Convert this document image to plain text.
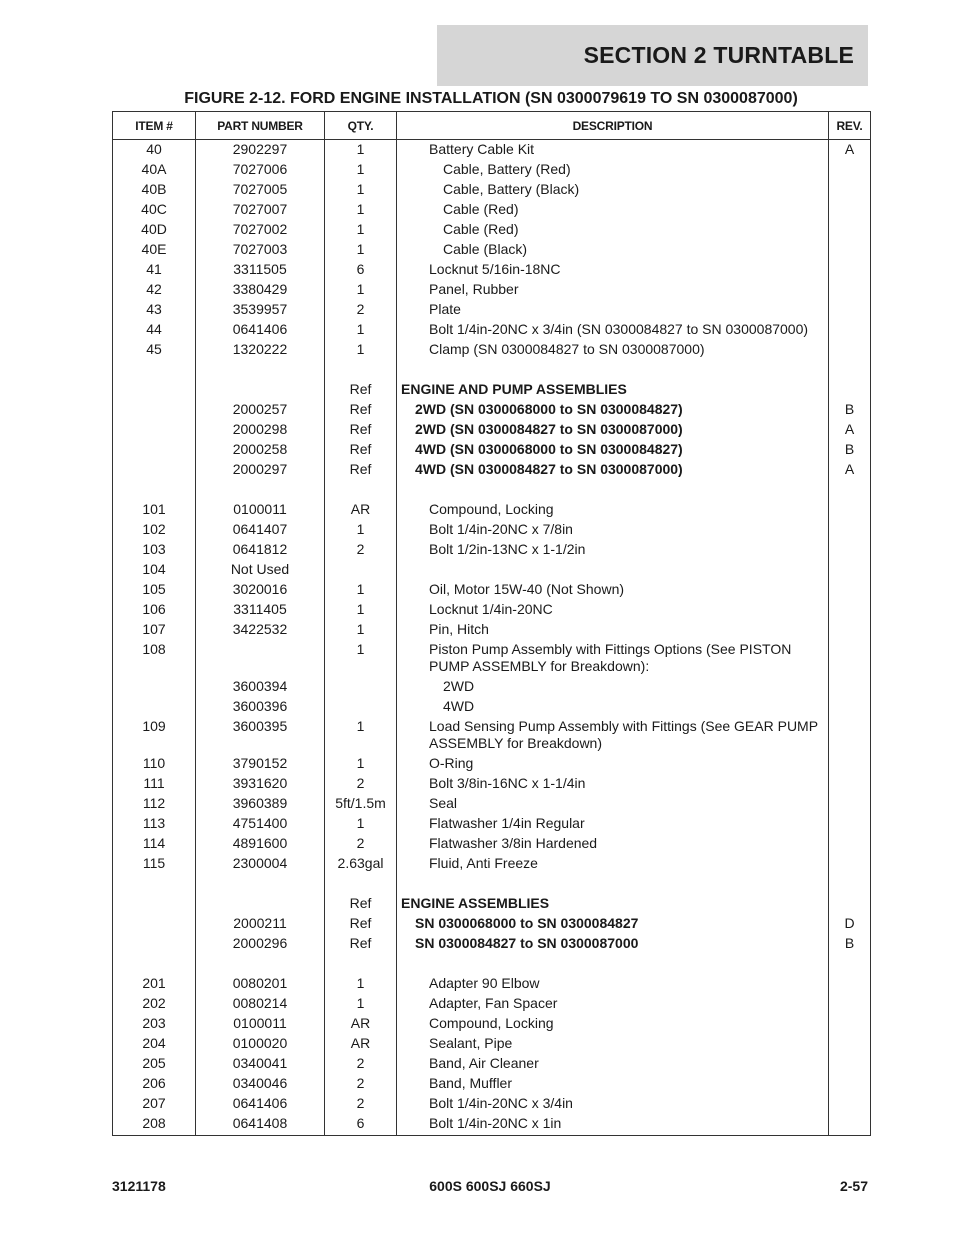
SECTION 2 TURNTABLE
FIGURE 2-12. FORD ENGINE INSTALLATION (SN 0300079619 TO SN 0300087000)
ITEM #	PART NUMBER	QTY.	DESCRIPTION	REV.
40	2902297	1	Battery Cable Kit	A
40A	7027006	1	Cable, Battery (Red)	
40B	7027005	1	Cable, Battery (Black)	
40C	7027007	1	Cable (Red)	
40D	7027002	1	Cable (Red)	
40E	7027003	1	Cable (Black)	
41	3311505	6	Locknut 5/16in-18NC	
42	3380429	1	Panel, Rubber	
43	3539957	2	Plate	
44	0641406	1	Bolt 1/4in-20NC x 3/4in (SN 0300084827 to SN 0300087000)	
45	1320222	1	Clamp (SN 0300084827 to SN 0300087000)	

		Ref	ENGINE AND PUMP ASSEMBLIES	
	2000257	Ref	2WD (SN 0300068000 to SN 0300084827)	B
	2000298	Ref	2WD (SN 0300084827 to SN 0300087000)	A
	2000258	Ref	4WD (SN 0300068000 to SN 0300084827)	B
	2000297	Ref	4WD (SN 0300084827 to SN 0300087000)	A

101	0100011	AR	Compound, Locking	
102	0641407	1	Bolt 1/4in-20NC x 7/8in	
103	0641812	2	Bolt 1/2in-13NC x 1-1/2in	
104	Not Used			
105	3020016	1	Oil, Motor 15W-40 (Not Shown)	
106	3311405	1	Locknut 1/4in-20NC	
107	3422532	1	Pin, Hitch	
108		1	Piston Pump Assembly with Fittings Options (See PISTON PUMP ASSEMBLY for Breakdown):	
	3600394		2WD	
	3600396		4WD	
109	3600395	1	Load Sensing Pump Assembly with Fittings (See GEAR PUMP ASSEMBLY for Breakdown)	
110	3790152	1	O-Ring	
111	3931620	2	Bolt 3/8in-16NC x 1-1/4in	
112	3960389	5ft/1.5m	Seal	
113	4751400	1	Flatwasher 1/4in Regular	
114	4891600	2	Flatwasher 3/8in Hardened	
115	2300004	2.63gal	Fluid, Anti Freeze	

		Ref	ENGINE ASSEMBLIES	
	2000211	Ref	SN 0300068000 to SN 0300084827	D
	2000296	Ref	SN 0300084827 to SN 0300087000	B

201	0080201	1	Adapter 90 Elbow	
202	0080214	1	Adapter, Fan Spacer	
203	0100011	AR	Compound, Locking	
204	0100020	AR	Sealant, Pipe	
205	0340041	2	Band, Air Cleaner	
206	0340046	2	Band, Muffler	
207	0641406	2	Bolt 1/4in-20NC x 3/4in	
208	0641408	6	Bolt 1/4in-20NC x 1in	
3121178	600S 600SJ 660SJ	2-57
